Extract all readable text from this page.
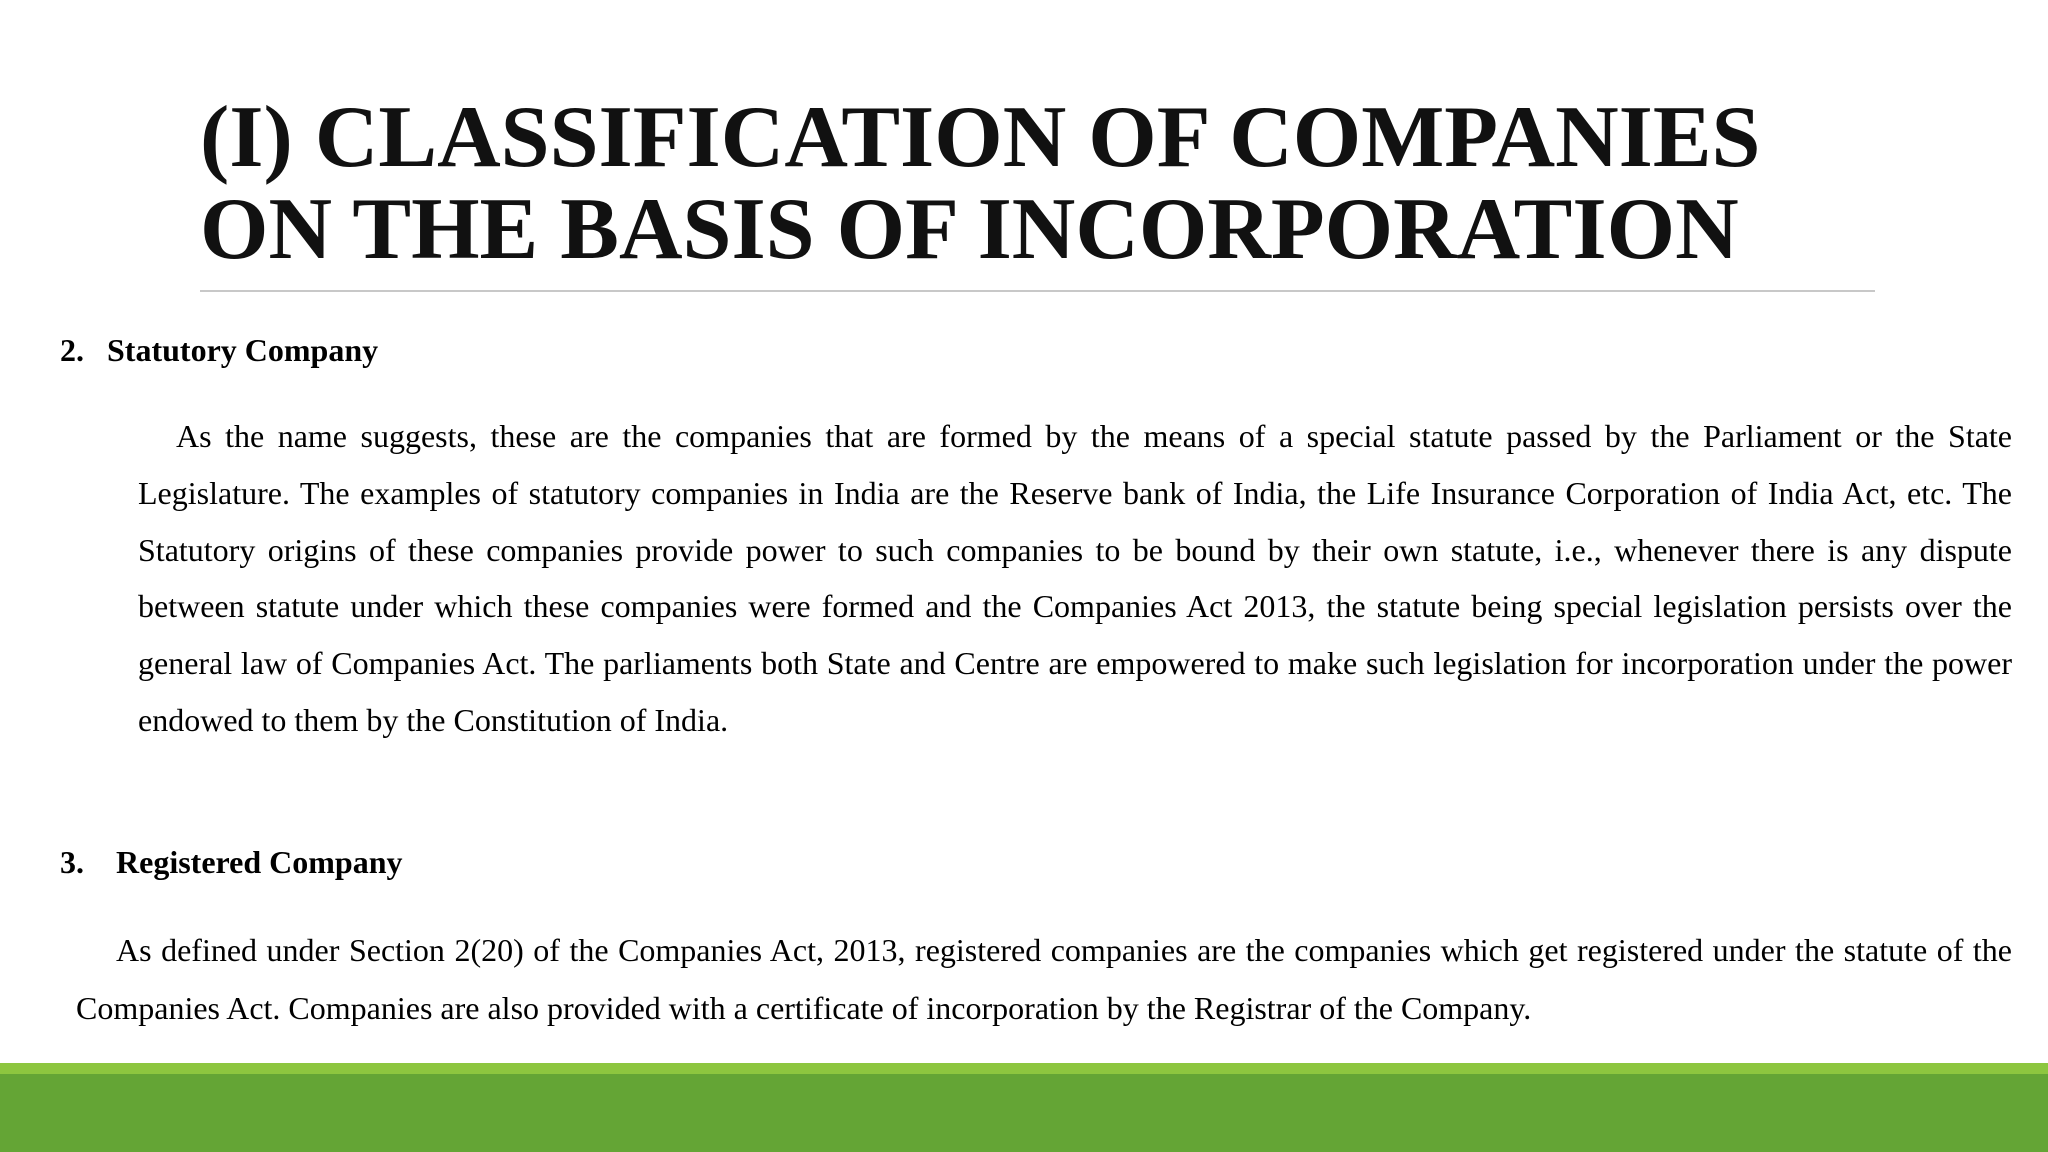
(I) CLASSIFICATION OF COMPANIES
ON THE BASIS OF INCORPORATION
2. Statutory Company

As the name suggests, these are the companies that are formed by the means of a special statute passed by the Parliament or the State Legislature. The examples of statutory companies in India are the Reserve bank of India, the Life Insurance Corporation of India Act, etc. The Statutory origins of these companies provide power to such companies to be bound by their own statute, i.e., whenever there is any dispute between statute under which these companies were formed and the Companies Act 2013, the statute being special legislation persists over the general law of Companies Act. The parliaments both State and Centre are empowered to make such legislation for incorporation under the power endowed to them by the Constitution of India.

3. Registered Company

As defined under Section 2(20) of the Companies Act, 2013, registered companies are the companies which get registered under the statute of the Companies Act. Companies are also provided with a certificate of incorporation by the Registrar of the Company.
